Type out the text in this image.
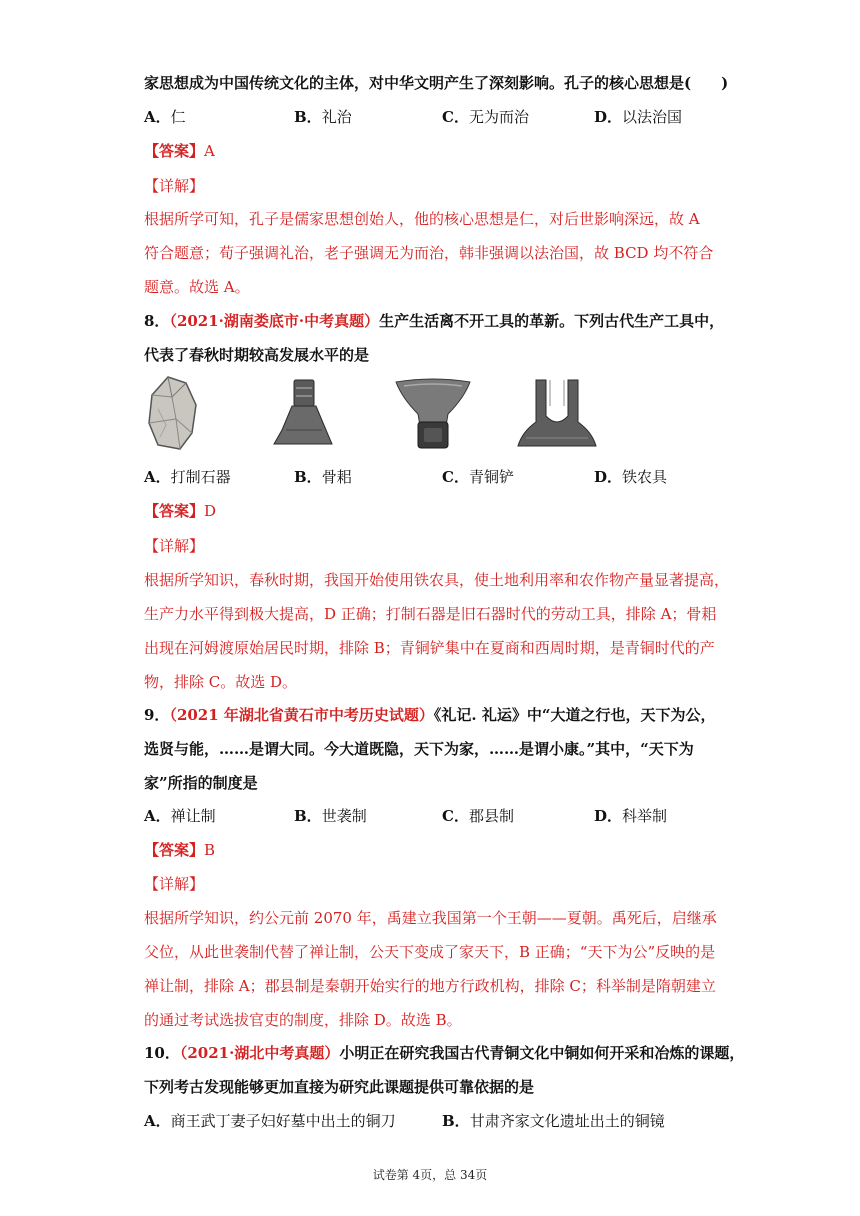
家思想成为中国传统文化的主体，对中华文明产生了深刻影响。孔子的核心思想是(　　)
A．仁	B．礼治	C．无为而治	D．以法治国
【答案】A
【详解】
根据所学可知，孔子是儒家思想创始人，他的核心思想是仁，对后世影响深远，故 A
符合题意；荀子强调礼治，老子强调无为而治，韩非强调以法治国，故 BCD 均不符合
题意。故选 A。
8．（2021·湖南娄底市·中考真题）生产生活离不开工具的革新。下列古代生产工具中，
代表了春秋时期较高发展水平的是
A．打制石器	B．骨耜	C．青铜铲	D．铁农具
【答案】D
【详解】
根据所学知识，春秋时期，我国开始使用铁农具，使土地利用率和农作物产量显著提高，
生产力水平得到极大提高，D 正确；打制石器是旧石器时代的劳动工具，排除 A；骨耜
出现在河姆渡原始居民时期，排除 B；青铜铲集中在夏商和西周时期，是青铜时代的产
物，排除 C。故选 D。
9．（2021 年湖北省黄石市中考历史试题）《礼记. 礼运》中“大道之行也，天下为公，
选贤与能，……是谓大同。今大道既隐，天下为家，……是谓小康。”其中，“天下为
家”所指的制度是
A．禅让制	B．世袭制	C．郡县制	D．科举制
【答案】B
【详解】
根据所学知识，约公元前 2070 年，禹建立我国第一个王朝——夏朝。禹死后，启继承
父位，从此世袭制代替了禅让制，公天下变成了家天下，B 正确；“天下为公”反映的是
禅让制，排除 A；郡县制是秦朝开始实行的地方行政机构，排除 C；科举制是隋朝建立
的通过考试选拔官吏的制度，排除 D。故选 B。
10．（2021·湖北中考真题）小明正在研究我国古代青铜文化中铜如何开采和冶炼的课题，
下列考古发现能够更加直接为研究此课题提供可靠依据的是
A．商王武丁妻子妇好墓中出土的铜刀	B．甘肃齐家文化遗址出土的铜镜
试卷第 4页，总 34页
